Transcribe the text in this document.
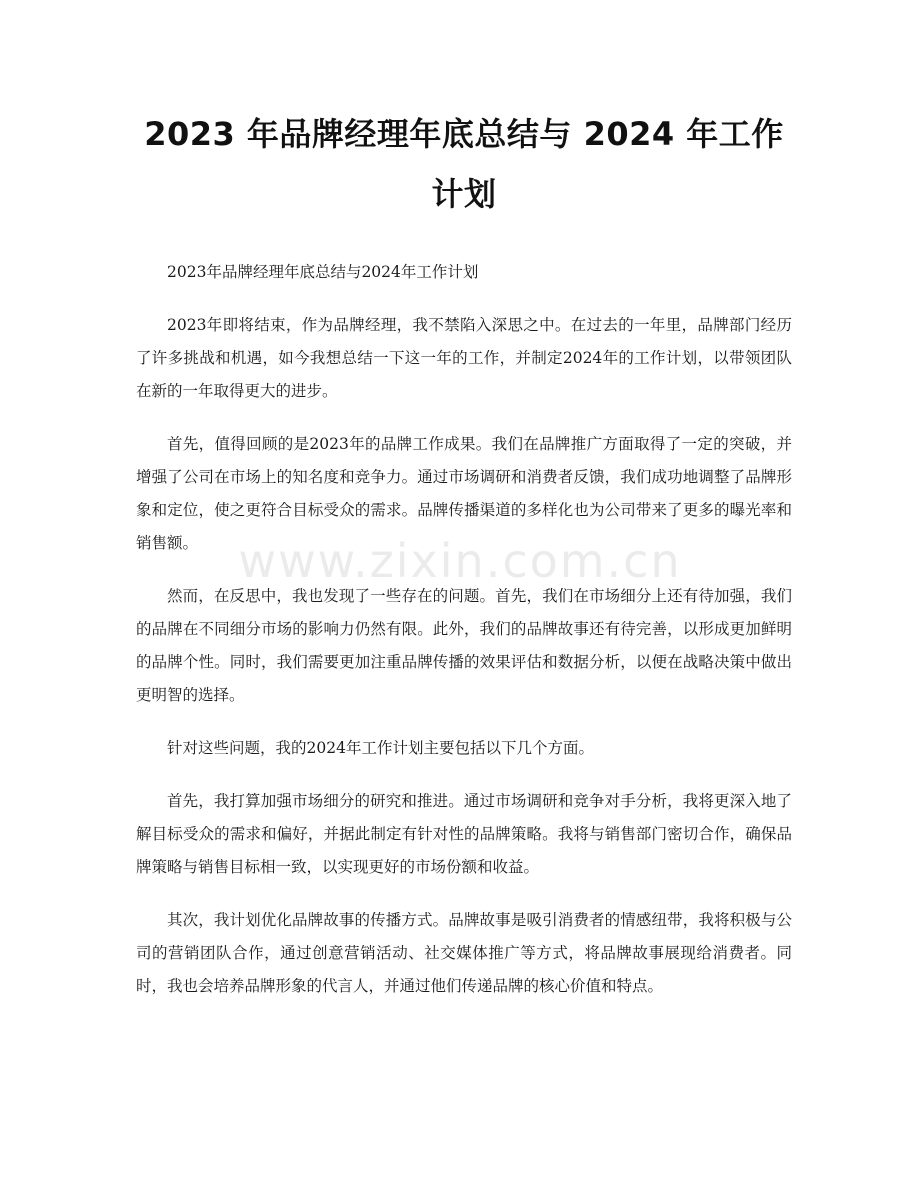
2023 年品牌经理年底总结与 2024 年工作计划

2023年品牌经理年底总结与2024年工作计划

2023年即将结束，作为品牌经理，我不禁陷入深思之中。在过去的一年里，品牌部门经历了许多挑战和机遇，如今我想总结一下这一年的工作，并制定2024年的工作计划，以带领团队在新的一年取得更大的进步。

首先，值得回顾的是2023年的品牌工作成果。我们在品牌推广方面取得了一定的突破，并增强了公司在市场上的知名度和竞争力。通过市场调研和消费者反馈，我们成功地调整了品牌形象和定位，使之更符合目标受众的需求。品牌传播渠道的多样化也为公司带来了更多的曝光率和销售额。

然而，在反思中，我也发现了一些存在的问题。首先，我们在市场细分上还有待加强，我们的品牌在不同细分市场的影响力仍然有限。此外，我们的品牌故事还有待完善，以形成更加鲜明的品牌个性。同时，我们需要更加注重品牌传播的效果评估和数据分析，以便在战略决策中做出更明智的选择。

针对这些问题，我的2024年工作计划主要包括以下几个方面。

首先，我打算加强市场细分的研究和推进。通过市场调研和竞争对手分析，我将更深入地了解目标受众的需求和偏好，并据此制定有针对性的品牌策略。我将与销售部门密切合作，确保品牌策略与销售目标相一致，以实现更好的市场份额和收益。

其次，我计划优化品牌故事的传播方式。品牌故事是吸引消费者的情感纽带，我将积极与公司的营销团队合作，通过创意营销活动、社交媒体推广等方式，将品牌故事展现给消费者。同时，我也会培养品牌形象的代言人，并通过他们传递品牌的核心价值和特点。

www.zixin.com.cn
